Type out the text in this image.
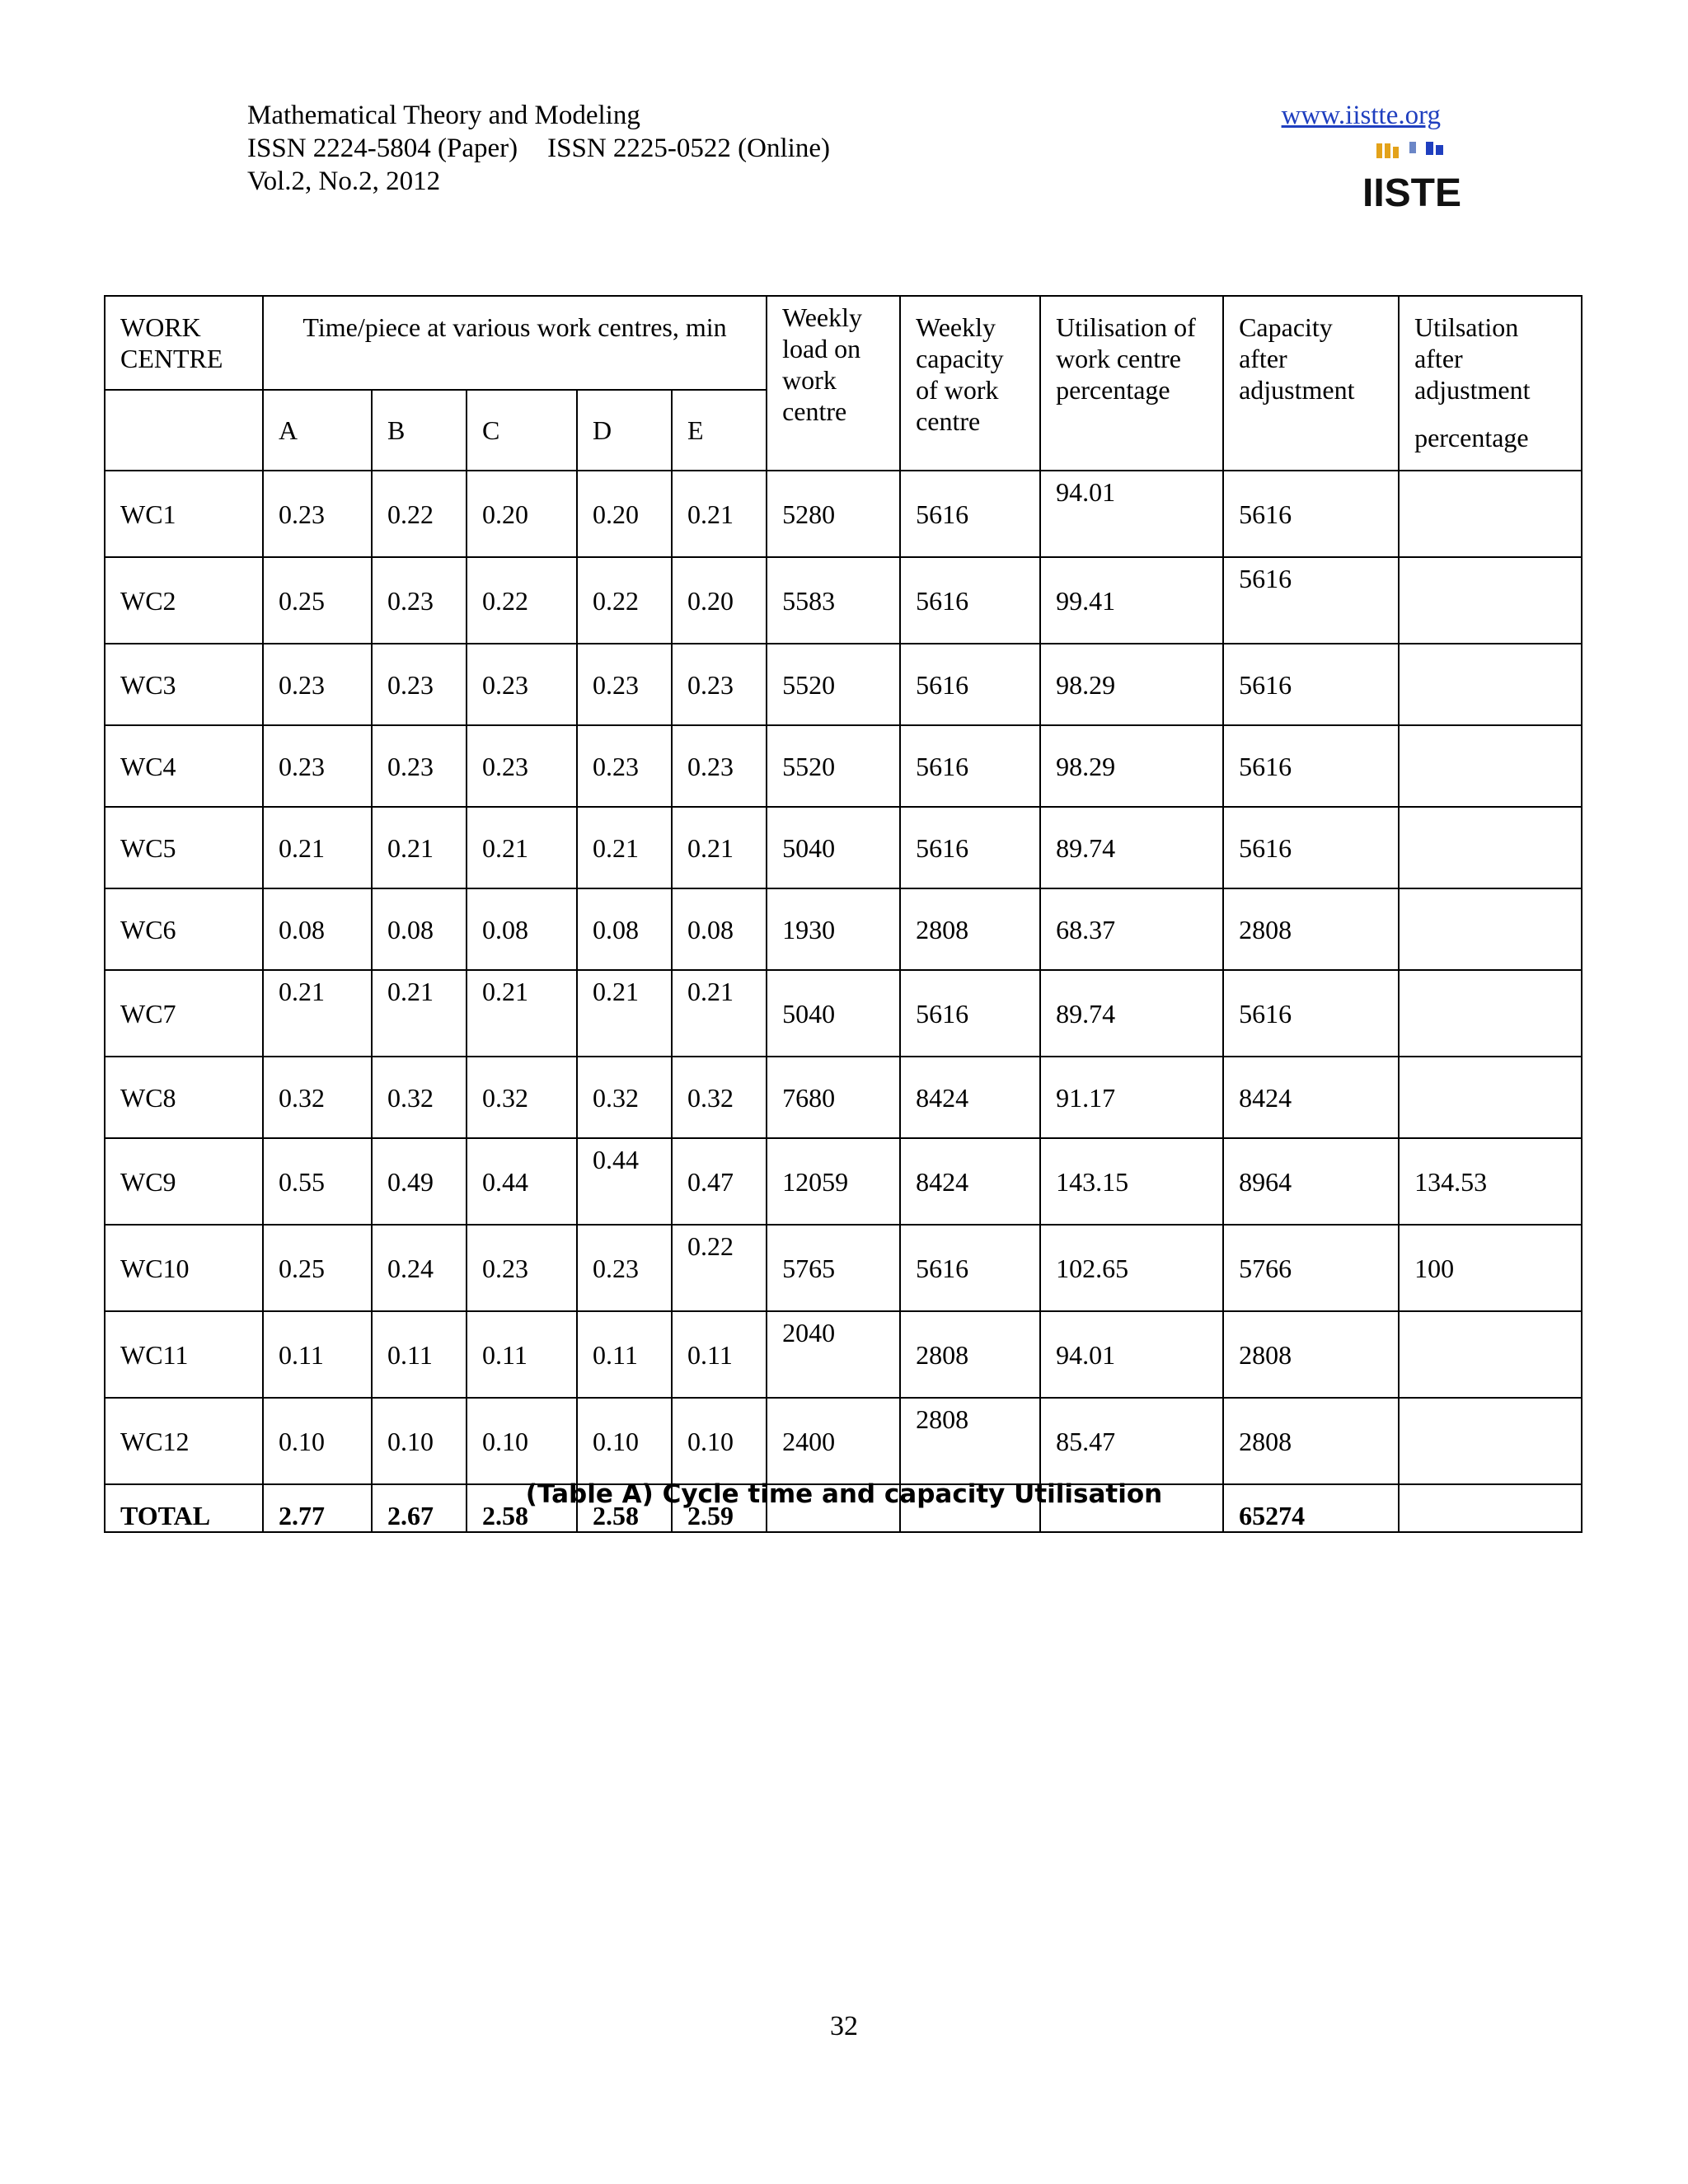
Mathematical Theory and Modeling
ISSN 2224-5804 (Paper) ISSN 2225-0522 (Online)
Vol.2, No.2, 2012
www.iistte.org
IISTE
WORK CENTRE	Time/piece at various work centres, min					Weekly load on work centre	Weekly capacity of work centre	Utilisation of work centre percentage	Capacity after adjustment	Utilsation after adjustment
percentage

	A	B	C	D	E					
WC1	0.23	0.22	0.20	0.20	0.21	5280	5616	94.01	5616	
WC2	0.25	0.23	0.22	0.22	0.20	5583	5616	99.41	5616	
WC3	0.23	0.23	0.23	0.23	0.23	5520	5616	98.29	5616	
WC4	0.23	0.23	0.23	0.23	0.23	5520	5616	98.29	5616	
WC5	0.21	0.21	0.21	0.21	0.21	5040	5616	89.74	5616	
WC6	0.08	0.08	0.08	0.08	0.08	1930	2808	68.37	2808	
WC7	0.21	0.21	0.21	0.21	0.21	5040	5616	89.74	5616	
WC8	0.32	0.32	0.32	0.32	0.32	7680	8424	91.17	8424	
WC9	0.55	0.49	0.44	0.44	0.47	12059	8424	143.15	8964	134.53
WC10	0.25	0.24	0.23	0.23	0.22	5765	5616	102.65	5766	100
WC11	0.11	0.11	0.11	0.11	0.11	2040	2808	94.01	2808	
WC12	0.10	0.10	0.10	0.10	0.10	2400	2808	85.47	2808	
TOTAL	2.77	2.67	2.58	2.58	2.59				65274	
(Table A) Cycle time and capacity Utilisation
32
